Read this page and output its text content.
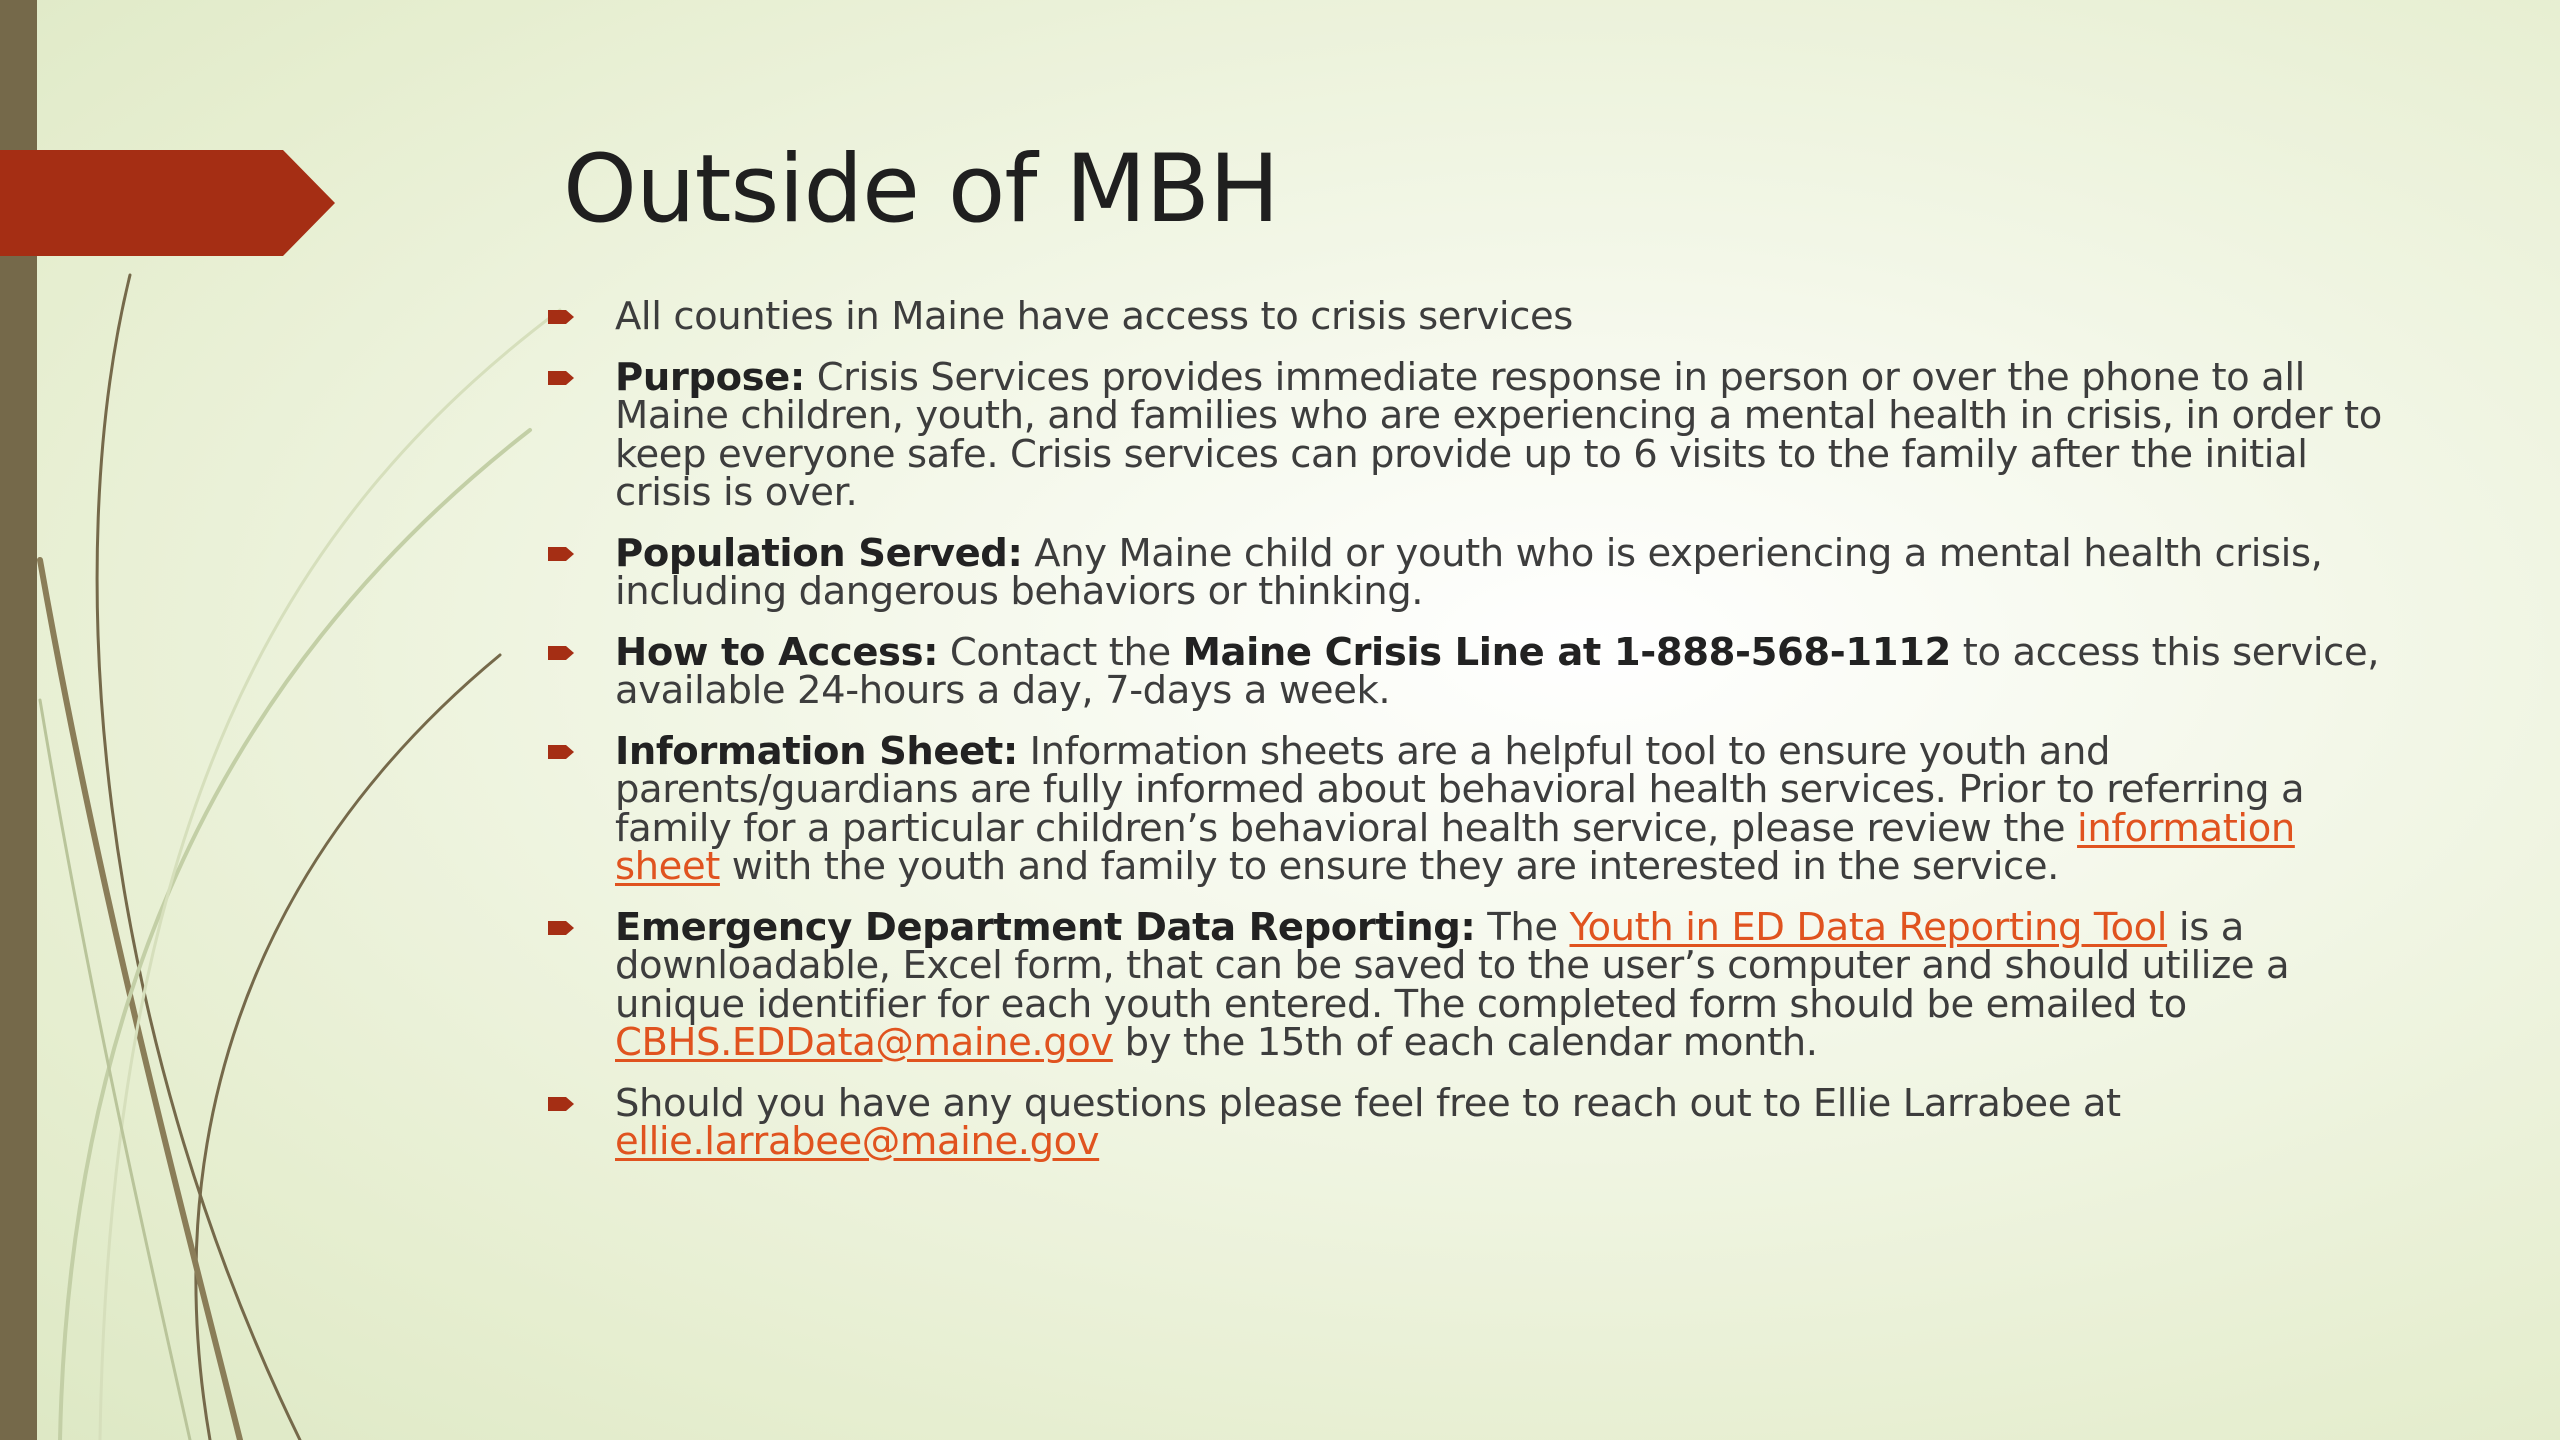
Outside of MBH
All counties in Maine have access to crisis services
Purpose: Crisis Services provides immediate response in person or over the phone to all Maine children, youth, and families who are experiencing a mental health in crisis, in order to keep everyone safe. Crisis services can provide up to 6 visits to the family after the initial crisis is over.
Population Served: Any Maine child or youth who is experiencing a mental health crisis, including dangerous behaviors or thinking.
How to Access: Contact the Maine Crisis Line at 1-888-568-1112 to access this service, available 24-hours a day, 7-days a week.
Information Sheet: Information sheets are a helpful tool to ensure youth and parents/guardians are fully informed about behavioral health services. Prior to referring a family for a particular children’s behavioral health service, please review the information sheet with the youth and family to ensure they are interested in the service.
Emergency Department Data Reporting: The Youth in ED Data Reporting Tool is a downloadable, Excel form, that can be saved to the user’s computer and should utilize a unique identifier for each youth entered. The completed form should be emailed to CBHS.EDData@maine.gov by the 15th of each calendar month.
Should you have any questions please feel free to reach out to Ellie Larrabee at ellie.larrabee@maine.gov
